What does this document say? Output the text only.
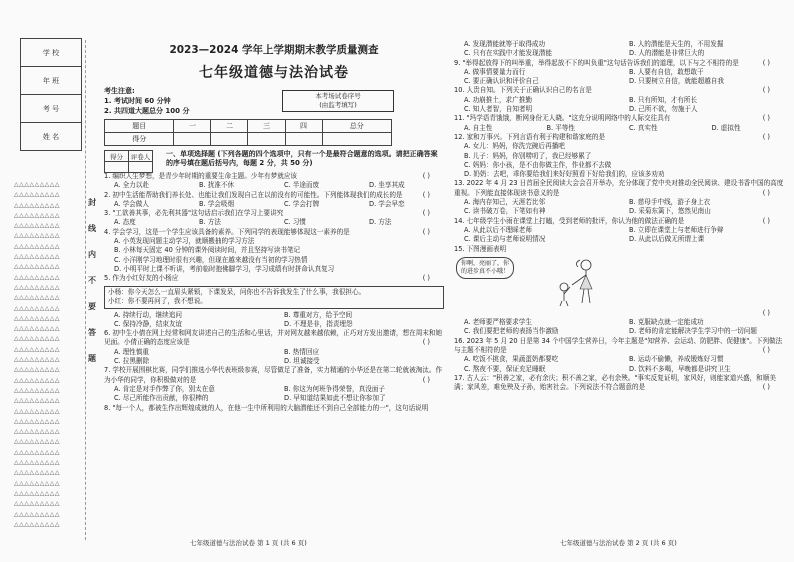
学 校
年 班
考 号
姓 名
△△△△△△△△△
△△△△△△△△△
△△△△△△△△△
△△△△△△△△△
△△△△△△△△△
△△△△△△△△△
△△△△△△△△△
△△△△△△△△△
△△△△△△△△△
△△△△△△△△△
△△△△△△△△△
△△△△△△△△△
△△△△△△△△△
△△△△△△△△△
△△△△△△△△△
△△△△△△△△△
△△△△△△△△△
△△△△△△△△△
△△△△△△△△△
△△△△△△△△△
△△△△△△△△△
△△△△△△△△△
△△△△△△△△△
△△△△△△△△△
△△△△△△△△△
△△△△△△△△△
△△△△△△△△△
△△△△△△△△△
△△△△△△△△△
△△△△△△△△△
△△△△△△△△△
△△△△△△△△△
△△△△△△△△△
△△△△△△△△△
封
线
内
不
要
答
题
2023—2024 学年上学期期末教学质量测查
七年级道德与法治试卷
考生注意:
1. 考试时间 60 分钟
2. 共四道大题总分 100 分
本考场试卷序号
(由监考填写)
题目	一	二	三	四	总分
得分					
得分	评卷人
	一、单项选择题 (下列各题的四个选项中，只有一个是最符合题意的选项。请把正确答案的序号填在题后括号内，每题 2 分，共 50 分)
1. 编织人生梦想，是青少年时期的重要生命主题。少年有梦就应该	( )
A. 全力以赴	B. 扰准不休	C. 半途而废	D. 坐享其成
2. 初中生活能帮助我们养长处、也能让我们发现自己在以前没有的可能性。下列能体现我们的成长的是	( )
A. 学会做人	B. 学会吸烟	C. 学会打牌	D. 学会早恋
3. "工欲善其事，必先利其器"这句话启示我们在学习上要讲究	( )
A. 态度	B. 方法	C. 习惯	D. 方法
4. 学会学习，这是一个学生应该具备的素养。下列同学的表现能够体现这一素养的是	( )
A. 小英发现问题主动学习，就顺搬抽的学习方法
B. 小林每天固定 40 分钟的课外阅读时间，并且坚持写读书笔记
C. 小洋刚学习地理时很有兴趣，但现在越来越没有当初的学习热情
D. 小明平时上课不听讲，考前临时抱佛脚学习，学习成绩有时拼命认真复习
5. 作为小红好友的小杨应	( )
小杨：你今天怎么一直眉头紧锁，下课发呆，问你也不告诉我发生了什么事，我很担心。
小红：你不要再问了，我不想说。
A. 持续行动，继续追问	B. 尊重对方，给予空间
C. 保持冷静，结束友谊	D. 不理是非，指责埋怨
6. 初中生小倩在网上经常和网友讲述自己的生活和心里话，并对网友越来越依赖，正巧对方发出邀请，想在周末和她见面。小倩正确的态度应该是	( )
A. 理性慎重	B. 热情回应
C. 拉黑删除	D. 坦诚接受
7. 学校开展围棋比赛，同学们推选小华代表班级参赛，尽管做足了准备，实力精通的小华还是在第二轮就被淘汰。作为小华的同学，你积极做对的是	( )
A. 肯定是对手作弊了你，别太在意	B. 你这为何班争得荣誉，真没面子
C. 尽己所能作出贡献，你很棒的	D. 早知道结果如此不想让你参加了
8. "每一个人，都被生作出辉煌成就的人，在他一生中所利用的大脑潜能还不到自己全部能力的一"，这句话说明
A. 发现潜能就等于取得成功	B. 人的潜能是天生的，不用发掘
C. 只有在实践中才能发现潜能	D. 人的潜能是非常巨大的
9. "举得起放得下的叫举重，举得起放不下的叫负重"这句话告诉我们的道理，以下与之不相符的是	( )
A. 做事情要量力而行	B. 人要有自信，敢想敢干
C. 要正确认识和评价自己	D. 只要树立自信，就能超越自我
10. 人贵自知。下列关于正确认识自己的名言是	( )
A. 功崩推土，求广推勤	B. 只有所知，才有所长
C. 知人者智，自知者明	D. 己所不欲，勿施于人
11. "玛学语青饿饿，断网身份无人晓。"这充分说明网络中的人际交往具有	( )
A. 自主性	B. 平等性	C. 真实性	D. 虚拟性
12. 家和万事兴。下列言语有利于构建和谐家庭的是	( )
A. 女儿：妈妈，你洗完碗后再播吧
B. 儿子：妈妈，你别唠叨了，我已经够累了
C. 妈妈：你小孩，是不由你做主作，作业都不去做
D. 奶奶：去吧，乖你要给我们来好好照看下好给我们的，应该多劝劝
13. 2022 年 4 月 23 日首届全民阅读大会会召开举办，充分体现了党中央对推动全民阅读、建设书香中国的高度重视。下列能直接体现读书意义的是	( )
A. 海内存知己，天涯若比邻	B. 慈母手中线，游子身上衣
C. 读书破万卷，下笔如有神	D. 采菊东篱下，悠然见南山
14. 七年级学生小雨在课堂上打瞌，受到老师的批评，你认为他的做法正确的是	( )
A. 从此以后不理睬老师	B. 立即在课堂上与老师进行争辩
C. 课后主动与老师说明情况	D. 从此以后做无所谓上课
15. 下图漫画表明
你啊，亮丽了，你的进步真不小哦！
( )
A. 老师要严格要求学生	B. 克服缺点就一定能成功
C. 我们要把老师的表扬当作激励	D. 老师的肯定能解决学生学习中的一切问题
16. 2023 年 5 月 20 日是第 34 个中国学生营养日，今年主题是"知营养、会运动、防肥胖、促健康"。下列做法与主题不相符的是	( )
A. 吃饭不挑食，果蔬蛋奶都要吃	B. 运动不偷懒，养成锻炼好习惯
C. 熬夜不要，保证充足睡眠	D. 饮料不多喝，早晚都是讲究卫生
17. 古人云："积善之家，必有余庆；积不善之家，必有余殃。"事实反复证明，家风好，则能家道兴盛，和顺美满；家风差，难免殃及子孙，贻害社会。下列说法不符合题意的是	( )
七年级道德与法治试卷 第 1 页 (共 6 页)	七年级道德与法治试卷 第 2 页 (共 6 页)
